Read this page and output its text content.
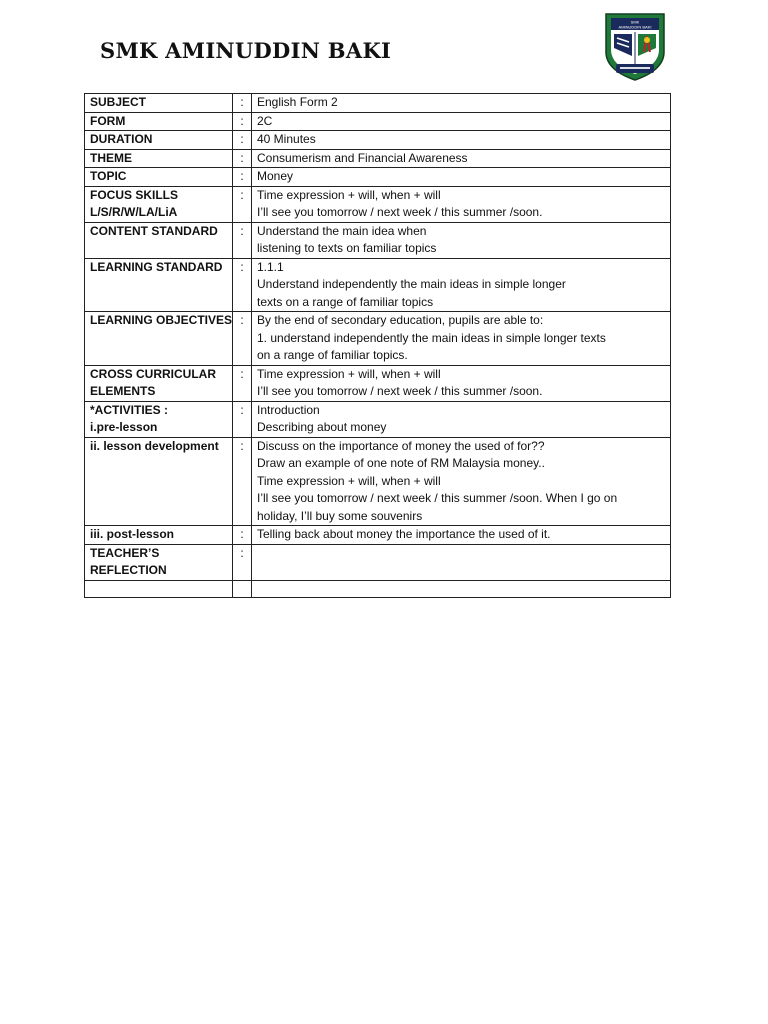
SMK AMINUDDIN BAKI
SMK
AMINUDDIN BAKI
SUBJECT	:	English Form 2

FORM	:	2C

DURATION	:	40 Minutes

THEME	:	Consumerism and Financial Awareness

TOPIC	:	Money

FOCUS SKILLS
L/S/R/W/LA/LiA	:	Time expression + will, when + will
I’ll see you tomorrow / next week / this summer /soon.

CONTENT STANDARD	:	Understand the main idea when
listening to texts on familiar topics

LEARNING STANDARD	:	1.1.1
Understand independently the main ideas in simple longer
texts on a range of familiar topics

LEARNING OBJECTIVES	:	By the end of secondary education, pupils are able to:
1. understand independently the main ideas in simple longer texts
on a range of familiar topics.

CROSS CURRICULAR
ELEMENTS	:	Time expression + will, when + will
I’ll see you tomorrow / next week / this summer /soon.

*ACTIVITIES :
i.pre-lesson	:	Introduction
Describing about money

ii. lesson development	:	Discuss on the importance of money the used of for??
Draw an example of one note of RM Malaysia money..
Time expression + will, when + will
I’ll see you tomorrow / next week / this summer /soon. When I go on
holiday, I’ll buy some souvenirs

iii. post-lesson	:	Telling back about money the importance the used of it.

TEACHER’S
REFLECTION	:	
